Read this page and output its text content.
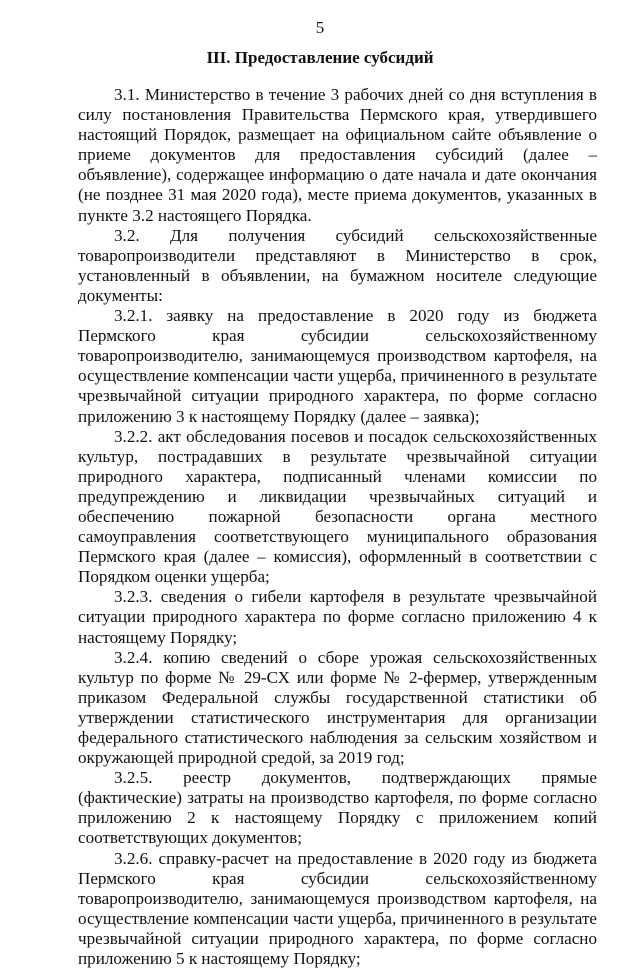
5
III. Предоставление субсидий

3.1. Министерство в течение 3 рабочих дней со дня вступления в силу постановления Правительства Пермского края, утвердившего настоящий Порядок, размещает на официальном сайте объявление о приеме документов для предоставления субсидий (далее – объявление), содержащее информацию о дате начала и дате окончания (не позднее 31 мая 2020 года), месте приема документов, указанных в пункте 3.2 настоящего Порядка.

3.2. Для получения субсидий сельскохозяйственные товаропроизводители представляют в Министерство в срок, установленный в объявлении, на бумажном носителе следующие документы:

3.2.1. заявку на предоставление в 2020 году из бюджета Пермского края субсидии сельскохозяйственному товаропроизводителю, занимающемуся производством картофеля, на осуществление компенсации части ущерба, причиненного в результате чрезвычайной ситуации природного характера, по форме согласно приложению 3 к настоящему Порядку (далее – заявка);

3.2.2. акт обследования посевов и посадок сельскохозяйственных культур, пострадавших в результате чрезвычайной ситуации природного характера, подписанный членами комиссии по предупреждению и ликвидации чрезвычайных ситуаций и обеспечению пожарной безопасности органа местного самоуправления соответствующего муниципального образования Пермского края (далее – комиссия), оформленный в соответствии с Порядком оценки ущерба;

3.2.3. сведения о гибели картофеля в результате чрезвычайной ситуации природного характера по форме согласно приложению 4 к настоящему Порядку;

3.2.4. копию сведений о сборе урожая сельскохозяйственных культур по форме № 29-СХ или форме № 2-фермер, утвержденным приказом Федеральной службы государственной статистики об утверждении статистического инструментария для организации федерального статистического наблюдения за сельским хозяйством и окружающей природной средой, за 2019 год;

3.2.5. реестр документов, подтверждающих прямые (фактические) затраты на производство картофеля, по форме согласно приложению 2 к настоящему Порядку с приложением копий соответствующих документов;

3.2.6. справку-расчет на предоставление в 2020 году из бюджета Пермского края субсидии сельскохозяйственному товаропроизводителю, занимающемуся производством картофеля, на осуществление компенсации части ущерба, причиненного в результате чрезвычайной ситуации природного характера, по форме согласно приложению 5 к настоящему Порядку;
